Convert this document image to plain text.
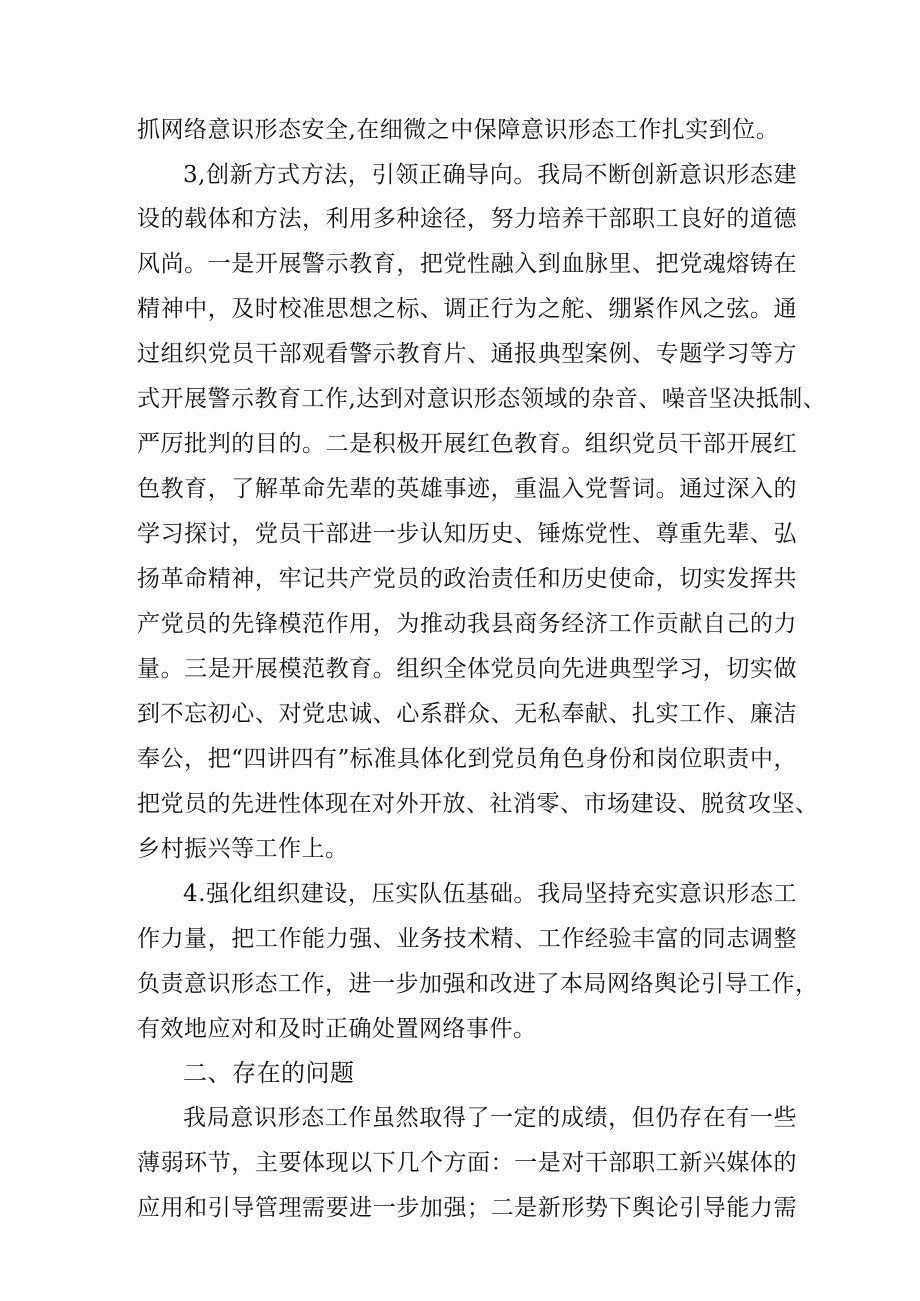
抓网络意识形态安全,在细微之中保障意识形态工作扎实到位。
3,创新方式方法，引领正确导向。我局不断创新意识形态建
设的载体和方法，利用多种途径，努力培养干部职工良好的道德
风尚。一是开展警示教育，把党性融入到血脉里、把党魂熔铸在
精神中，及时校准思想之标、调正行为之舵、绷紧作风之弦。通
过组织党员干部观看警示教育片、通报典型案例、专题学习等方
式开展警示教育工作,达到对意识形态领域的杂音、噪音坚决抵制、
严厉批判的目的。二是积极开展红色教育。组织党员干部开展红
色教育，了解革命先辈的英雄事迹，重温入党誓词。通过深入的
学习探讨，党员干部进一步认知历史、锤炼党性、尊重先辈、弘
扬革命精神，牢记共产党员的政治责任和历史使命，切实发挥共
产党员的先锋模范作用，为推动我县商务经济工作贡献自己的力
量。三是开展模范教育。组织全体党员向先进典型学习，切实做
到不忘初心、对党忠诚、心系群众、无私奉献、扎实工作、廉洁
奉公，把“四讲四有”标准具体化到党员角色身份和岗位职责中，
把党员的先进性体现在对外开放、社消零、市场建设、脱贫攻坚、
乡村振兴等工作上。
4.强化组织建设，压实队伍基础。我局坚持充实意识形态工
作力量，把工作能力强、业务技术精、工作经验丰富的同志调整
负责意识形态工作，进一步加强和改进了本局网络舆论引导工作，
有效地应对和及时正确处置网络事件。
二、存在的问题
我局意识形态工作虽然取得了一定的成绩，但仍存在有一些
薄弱环节，主要体现以下几个方面：一是对干部职工新兴媒体的
应用和引导管理需要进一步加强；二是新形势下舆论引导能力需
